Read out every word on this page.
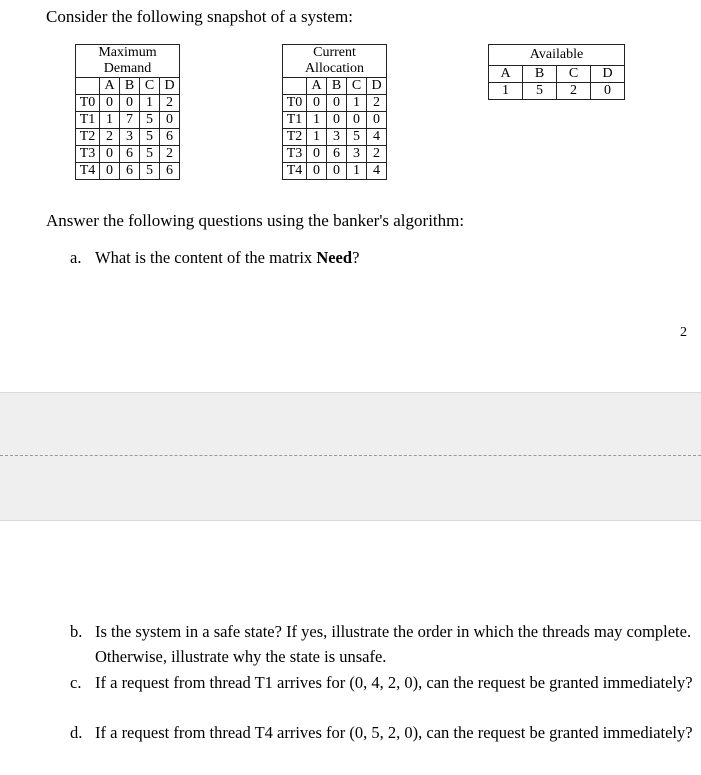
Consider the following snapshot of a system:
Maximum Demand				
	A	B	C	D
T0	0	0	1	2
T1	1	7	5	0
T2	2	3	5	6
T3	0	6	5	2
T4	0	6	5	6
Current Allocation				
	A	B	C	D
T0	0	0	1	2
T1	1	0	0	0
T2	1	3	5	4
T3	0	6	3	2
T4	0	0	1	4
Available			
A	B	C	D
1	5	2	0
Answer the following questions using the banker's algorithm:
a. What is the content of the matrix Need?
2
b. Is the system in a safe state? If yes, illustrate the order in which the threads may complete. Otherwise, illustrate why the state is unsafe.
c. If a request from thread T1 arrives for (0, 4, 2, 0), can the request be granted immediately?
d. If a request from thread T4 arrives for (0, 5, 2, 0), can the request be granted immediately?
